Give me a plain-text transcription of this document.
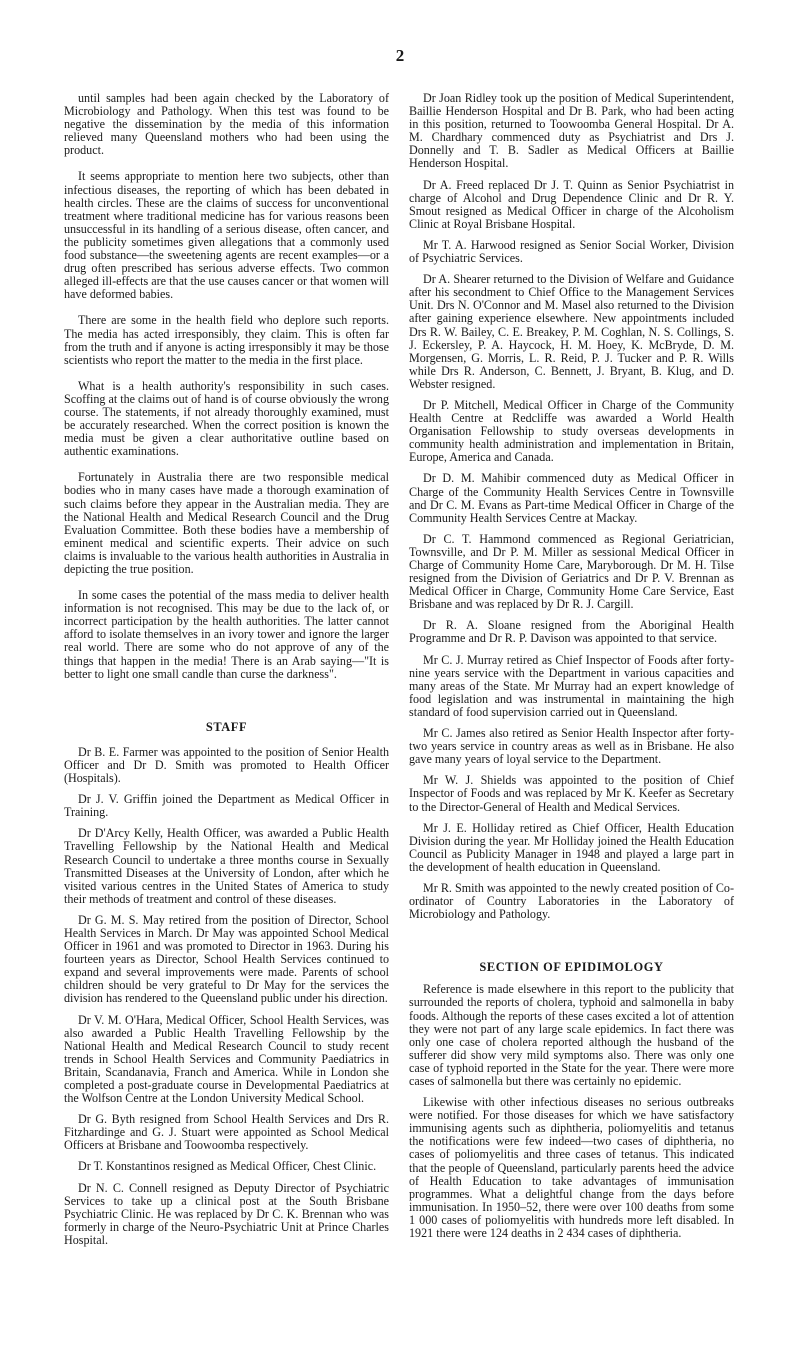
2

until samples had been again checked by the Laboratory of Microbiology and Pathology. When this test was found to be negative the dissemination by the media of this information relieved many Queensland mothers who had been using the product.

It seems appropriate to mention here two subjects, other than infectious diseases, the reporting of which has been debated in health circles. These are the claims of success for unconventional treatment where traditional medicine has for various reasons been unsuccessful in its handling of a serious disease, often cancer, and the publicity sometimes given allegations that a commonly used food substance—the sweetening agents are recent examples—or a drug often prescribed has serious adverse effects. Two common alleged ill-effects are that the use causes cancer or that women will have deformed babies.

There are some in the health field who deplore such reports. The media has acted irresponsibly, they claim. This is often far from the truth and if anyone is acting irresponsibly it may be those scientists who report the matter to the media in the first place.

What is a health authority's responsibility in such cases. Scoffing at the claims out of hand is of course obviously the wrong course. The statements, if not already thoroughly examined, must be accurately researched. When the correct position is known the media must be given a clear authoritative outline based on authentic examinations.

Fortunately in Australia there are two responsible medical bodies who in many cases have made a thorough examination of such claims before they appear in the Australian media. They are the National Health and Medical Research Council and the Drug Evaluation Committee. Both these bodies have a membership of eminent medical and scientific experts. Their advice on such claims is invaluable to the various health authorities in Australia in depicting the true position.

In some cases the potential of the mass media to deliver health information is not recognised. This may be due to the lack of, or incorrect participation by the health authorities. The latter cannot afford to isolate themselves in an ivory tower and ignore the larger real world. There are some who do not approve of any of the things that happen in the media! There is an Arab saying—"It is better to light one small candle than curse the darkness".

STAFF

Dr B. E. Farmer was appointed to the position of Senior Health Officer and Dr D. Smith was promoted to Health Officer (Hospitals).

Dr J. V. Griffin joined the Department as Medical Officer in Training.

Dr D'Arcy Kelly, Health Officer, was awarded a Public Health Travelling Fellowship by the National Health and Medical Research Council to undertake a three months course in Sexually Transmitted Diseases at the University of London, after which he visited various centres in the United States of America to study their methods of treatment and control of these diseases.

Dr G. M. S. May retired from the position of Director, School Health Services in March. Dr May was appointed School Medical Officer in 1961 and was promoted to Director in 1963. During his fourteen years as Director, School Health Services continued to expand and several improvements were made. Parents of school children should be very grateful to Dr May for the services the division has rendered to the Queensland public under his direction.

Dr V. M. O'Hara, Medical Officer, School Health Services, was also awarded a Public Health Travelling Fellowship by the National Health and Medical Research Council to study recent trends in School Health Services and Community Paediatrics in Britain, Scandanavia, Franch and America. While in London she completed a post-graduate course in Developmental Paediatrics at the Wolfson Centre at the London University Medical School.

Dr G. Byth resigned from School Health Services and Drs R. Fitzhardinge and G. J. Stuart were appointed as School Medical Officers at Brisbane and Toowoomba respectively.

Dr T. Konstantinos resigned as Medical Officer, Chest Clinic.

Dr N. C. Connell resigned as Deputy Director of Psychiatric Services to take up a clinical post at the South Brisbane Psychiatric Clinic. He was replaced by Dr C. K. Brennan who was formerly in charge of the Neuro-Psychiatric Unit at Prince Charles Hospital.

Dr Joan Ridley took up the position of Medical Superintendent, Baillie Henderson Hospital and Dr B. Park, who had been acting in this position, returned to Toowoomba General Hospital. Dr A. M. Chardhary commenced duty as Psychiatrist and Drs J. Donnelly and T. B. Sadler as Medical Officers at Baillie Henderson Hospital.

Dr A. Freed replaced Dr J. T. Quinn as Senior Psychiatrist in charge of Alcohol and Drug Dependence Clinic and Dr R. Y. Smout resigned as Medical Officer in charge of the Alcoholism Clinic at Royal Brisbane Hospital.

Mr T. A. Harwood resigned as Senior Social Worker, Division of Psychiatric Services.

Dr A. Shearer returned to the Division of Welfare and Guidance after his secondment to Chief Office to the Management Services Unit. Drs N. O'Connor and M. Masel also returned to the Division after gaining experience elsewhere. New appointments included Drs R. W. Bailey, C. E. Breakey, P. M. Coghlan, N. S. Collings, S. J. Eckersley, P. A. Haycock, H. M. Hoey, K. McBryde, D. M. Morgensen, G. Morris, L. R. Reid, P. J. Tucker and P. R. Wills while Drs R. Anderson, C. Bennett, J. Bryant, B. Klug, and D. Webster resigned.

Dr P. Mitchell, Medical Officer in Charge of the Community Health Centre at Redcliffe was awarded a World Health Organisation Fellowship to study overseas developments in community health administration and implementation in Britain, Europe, America and Canada.

Dr D. M. Mahibir commenced duty as Medical Officer in Charge of the Community Health Services Centre in Townsville and Dr C. M. Evans as Part-time Medical Officer in Charge of the Community Health Services Centre at Mackay.

Dr C. T. Hammond commenced as Regional Geriatrician, Townsville, and Dr P. M. Miller as sessional Medical Officer in Charge of Community Home Care, Maryborough. Dr M. H. Tilse resigned from the Division of Geriatrics and Dr P. V. Brennan as Medical Officer in Charge, Community Home Care Service, East Brisbane and was replaced by Dr R. J. Cargill.

Dr R. A. Sloane resigned from the Aboriginal Health Programme and Dr R. P. Davison was appointed to that service.

Mr C. J. Murray retired as Chief Inspector of Foods after forty-nine years service with the Department in various capacities and many areas of the State. Mr Murray had an expert knowledge of food legislation and was instrumental in maintaining the high standard of food supervision carried out in Queensland.

Mr C. James also retired as Senior Health Inspector after forty-two years service in country areas as well as in Brisbane. He also gave many years of loyal service to the Department.

Mr W. J. Shields was appointed to the position of Chief Inspector of Foods and was replaced by Mr K. Keefer as Secretary to the Director-General of Health and Medical Services.

Mr J. E. Holliday retired as Chief Officer, Health Education Division during the year. Mr Holliday joined the Health Education Council as Publicity Manager in 1948 and played a large part in the development of health education in Queensland.

Mr R. Smith was appointed to the newly created position of Co-ordinator of Country Laboratories in the Laboratory of Microbiology and Pathology.

SECTION OF EPIDIMOLOGY

Reference is made elsewhere in this report to the publicity that surrounded the reports of cholera, typhoid and salmonella in baby foods. Although the reports of these cases excited a lot of attention they were not part of any large scale epidemics. In fact there was only one case of cholera reported although the husband of the sufferer did show very mild symptoms also. There was only one case of typhoid reported in the State for the year. There were more cases of salmonella but there was certainly no epidemic.

Likewise with other infectious diseases no serious outbreaks were notified. For those diseases for which we have satisfactory immunising agents such as diphtheria, poliomyelitis and tetanus the notifications were few indeed—two cases of diphtheria, no cases of poliomyelitis and three cases of tetanus. This indicated that the people of Queensland, particularly parents heed the advice of Health Education to take advantages of immunisation programmes. What a delightful change from the days before immunisation. In 1950–52, there were over 100 deaths from some 1 000 cases of poliomyelitis with hundreds more left disabled. In 1921 there were 124 deaths in 2 434 cases of diphtheria.
